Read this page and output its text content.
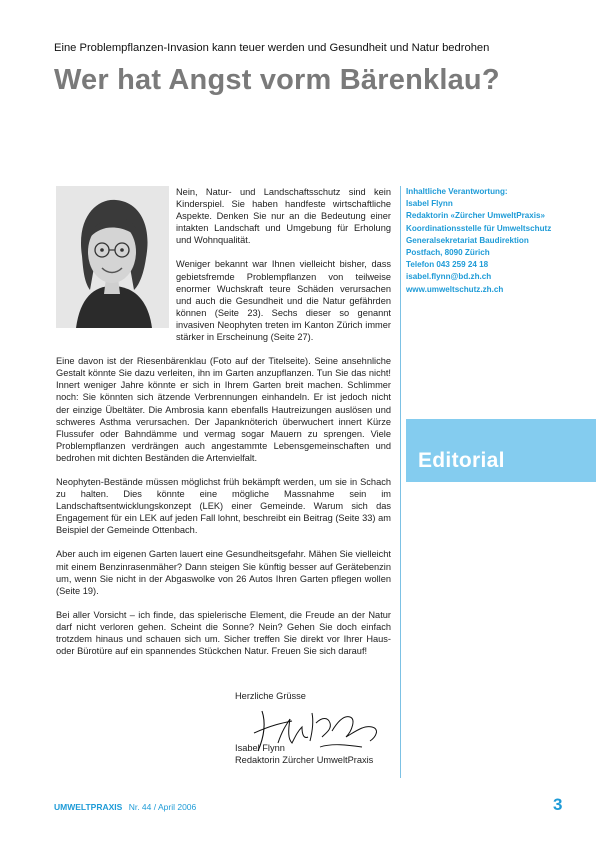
Eine Problempflanzen-Invasion kann teuer werden und Gesundheit und Natur bedrohen
Wer hat Angst vorm Bärenklau?

Nein, Natur- und Landschaftsschutz sind kein Kinderspiel. Sie haben handfeste wirtschaftliche Aspekte. Denken Sie nur an die Bedeutung einer intakten Landschaft und Umgebung für Erholung und Wohnqualität.

Weniger bekannt war Ihnen vielleicht bisher, dass gebietsfremde Problempflanzen von teilweise enormer Wuchskraft teure Schäden verursachen und auch die Gesundheit und die Natur gefährden können (Seite 23). Sechs dieser so genannt invasiven Neophyten treten im Kanton Zürich immer stärker in Erscheinung (Seite 27).

Eine davon ist der Riesenbärenklau (Foto auf der Titelseite). Seine ansehnliche Gestalt könnte Sie dazu verleiten, ihn im Garten anzupflanzen. Tun Sie das nicht! Innert weniger Jahre könnte er sich in Ihrem Garten breit machen. Schlimmer noch: Sie könnten sich ätzende Verbrennungen einhandeln. Er ist jedoch nicht der einzige Übeltäter. Die Ambrosia kann ebenfalls Hautreizungen auslösen und schweres Asthma verursachen. Der Japanknöterich überwuchert innert Kürze Flussufer oder Bahndämme und vermag sogar Mauern zu sprengen. Viele Problempflanzen verdrängen auch angestammte Lebensgemeinschaften und bedrohen mit dichten Beständen die Artenvielfalt.

Neophyten-Bestände müssen möglichst früh bekämpft werden, um sie in Schach zu halten. Dies könnte eine mögliche Massnahme sein im Landschaftsentwicklungskonzept (LEK) einer Gemeinde. Warum sich das Engagement für ein LEK auf jeden Fall lohnt, beschreibt ein Beitrag (Seite 33) am Beispiel der Gemeinde Ottenbach.

Aber auch im eigenen Garten lauert eine Gesundheitsgefahr. Mähen Sie vielleicht mit einem Benzinrasenmäher? Dann steigen Sie künftig besser auf Gerätebenzin um, wenn Sie nicht in der Abgaswolke von 26 Autos Ihren Garten pflegen wollen (Seite 19).

Bei aller Vorsicht – ich finde, das spielerische Element, die Freude an der Natur darf nicht verloren gehen. Scheint die Sonne? Nein? Gehen Sie doch einfach trotzdem hinaus und schauen sich um. Sicher treffen Sie direkt vor Ihrer Haus- oder Bürotüre auf ein spannendes Stückchen Natur. Freuen Sie sich darauf!

Herzliche Grüsse
Isabel Flynn
Redaktorin Zürcher UmweltPraxis
Inhaltliche Verantwortung:
Isabel Flynn
Redaktorin «Zürcher UmweltPraxis»
Koordinationsstelle für Umweltschutz
Generalsekretariat Baudirektion
Postfach, 8090 Zürich
Telefon 043 259 24 18
isabel.flynn@bd.zh.ch
www.umweltschutz.zh.ch
Editorial
UMWELTPRAXIS Nr. 44 / April 2006	3
